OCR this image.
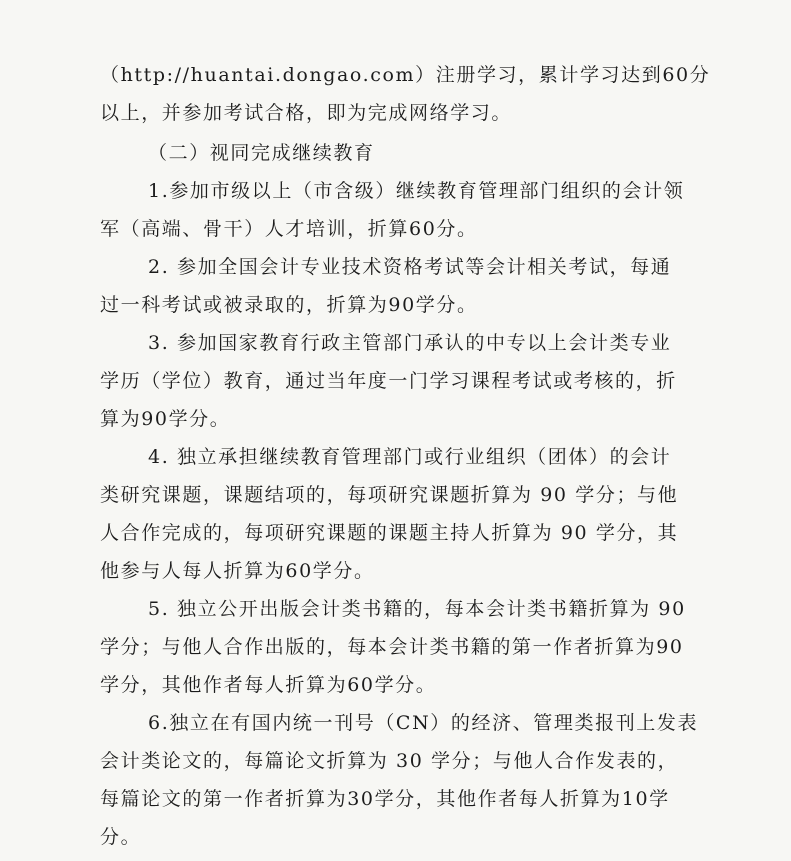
（http://huantai.dongao.com）注册学习，累计学习达到60分
以上，并参加考试合格，即为完成网络学习。
（二）视同完成继续教育
1.参加市级以上（市含级）继续教育管理部门组织的会计领
军（高端、骨干）人才培训，折算60分。
2. 参加全国会计专业技术资格考试等会计相关考试，每通
过一科考试或被录取的，折算为90学分。
3. 参加国家教育行政主管部门承认的中专以上会计类专业
学历（学位）教育，通过当年度一门学习课程考试或考核的，折
算为90学分。
4. 独立承担继续教育管理部门或行业组织（团体）的会计
类研究课题，课题结项的，每项研究课题折算为 90 学分；与他
人合作完成的，每项研究课题的课题主持人折算为 90 学分，其
他参与人每人折算为60学分。
5. 独立公开出版会计类书籍的，每本会计类书籍折算为 90
学分；与他人合作出版的，每本会计类书籍的第一作者折算为90
学分，其他作者每人折算为60学分。
6.独立在有国内统一刊号（CN）的经济、管理类报刊上发表
会计类论文的，每篇论文折算为 30 学分；与他人合作发表的，
每篇论文的第一作者折算为30学分，其他作者每人折算为10学
分。
